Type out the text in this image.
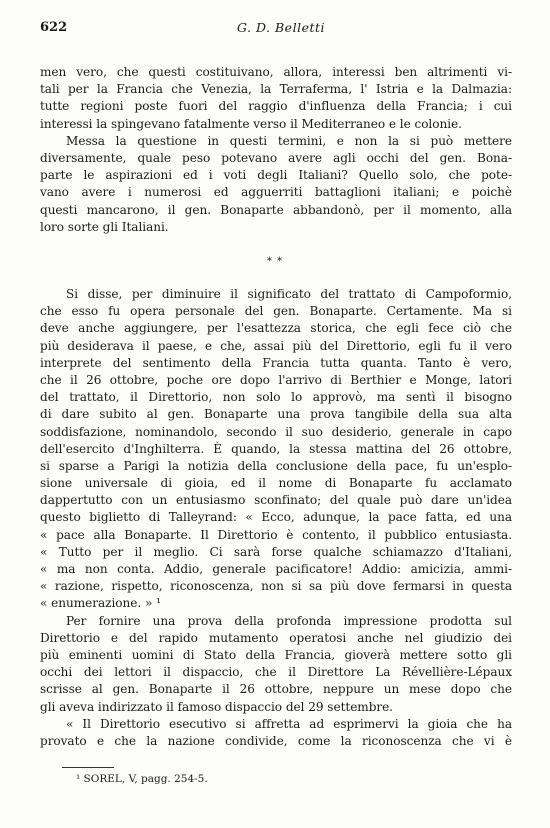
622	G. D. Belletti
men vero, che questi costituivano, allora, interessi ben altrimenti vi-
tali per la Francia che Venezia, la Terraferma, l' Istria e la Dalmazia:
tutte regioni poste fuori del raggio d'influenza della Francia; i cui
interessi la spingevano fatalmente verso il Mediterraneo e le colonie.
Messa la questione in questi termini, e non la si può mettere
diversamente, quale peso potevano avere agli occhi del gen. Bona-
parte le aspirazioni ed i voti degli Italiani? Quello solo, che pote-
vano avere i numerosi ed agguerriti battaglioni italiani; e poichè
questi mancarono, il gen. Bonaparte abbandonò, per il momento, alla
loro sorte gli Italiani.
* *
Si disse, per diminuire il significato del trattato di Campoformio,
che esso fu opera personale del gen. Bonaparte. Certamente. Ma si
deve anche aggiungere, per l'esattezza storica, che egli fece ciò che
più desiderava il paese, e che, assai più del Direttorio, egli fu il vero
interprete del sentimento della Francia tutta quanta. Tanto è vero,
che il 26 ottobre, poche ore dopo l'arrivo di Berthier e Monge, latori
del trattato, il Direttorio, non solo lo approvò, ma sentì il bisogno
di dare subito al gen. Bonaparte una prova tangibile della sua alta
soddisfazione, nominandolo, secondo il suo desiderio, generale in capo
dell'esercito d'Inghilterra. È quando, la stessa mattina del 26 ottobre,
si sparse a Parigi la notizia della conclusione della pace, fu un'esplo-
sione universale di gioia, ed il nome di Bonaparte fu acclamato
dappertutto con un entusiasmo sconfinato; del quale può dare un'idea
questo biglietto di Talleyrand: « Ecco, adunque, la pace fatta, ed una
« pace alla Bonaparte. Il Direttorio è contento, il pubblico entusiasta.
« Tutto per il meglio. Ci sarà forse qualche schiamazzo d'Italiani,
« ma non conta. Addio, generale pacificatore! Addio: amicizia, ammi-
« razione, rispetto, riconoscenza, non si sa più dove fermarsi in questa
« enumerazione. » ¹
Per fornire una prova della profonda impressione prodotta sul
Direttorio e del rapido mutamento operatosi anche nel giudizio dei
più eminenti uomini di Stato della Francia, gioverà mettere sotto gli
occhi dei lettori il dispaccio, che il Direttore La Révellière-Lépaux
scrisse al gen. Bonaparte il 26 ottobre, neppure un mese dopo che
gli aveva indirizzato il famoso dispaccio del 29 settembre.
« Il Direttorio esecutivo si affretta ad esprimervi la gioia che ha
provato e che la nazione condivide, come la riconoscenza che vi è
¹ SOREL, V, pagg. 254-5.
